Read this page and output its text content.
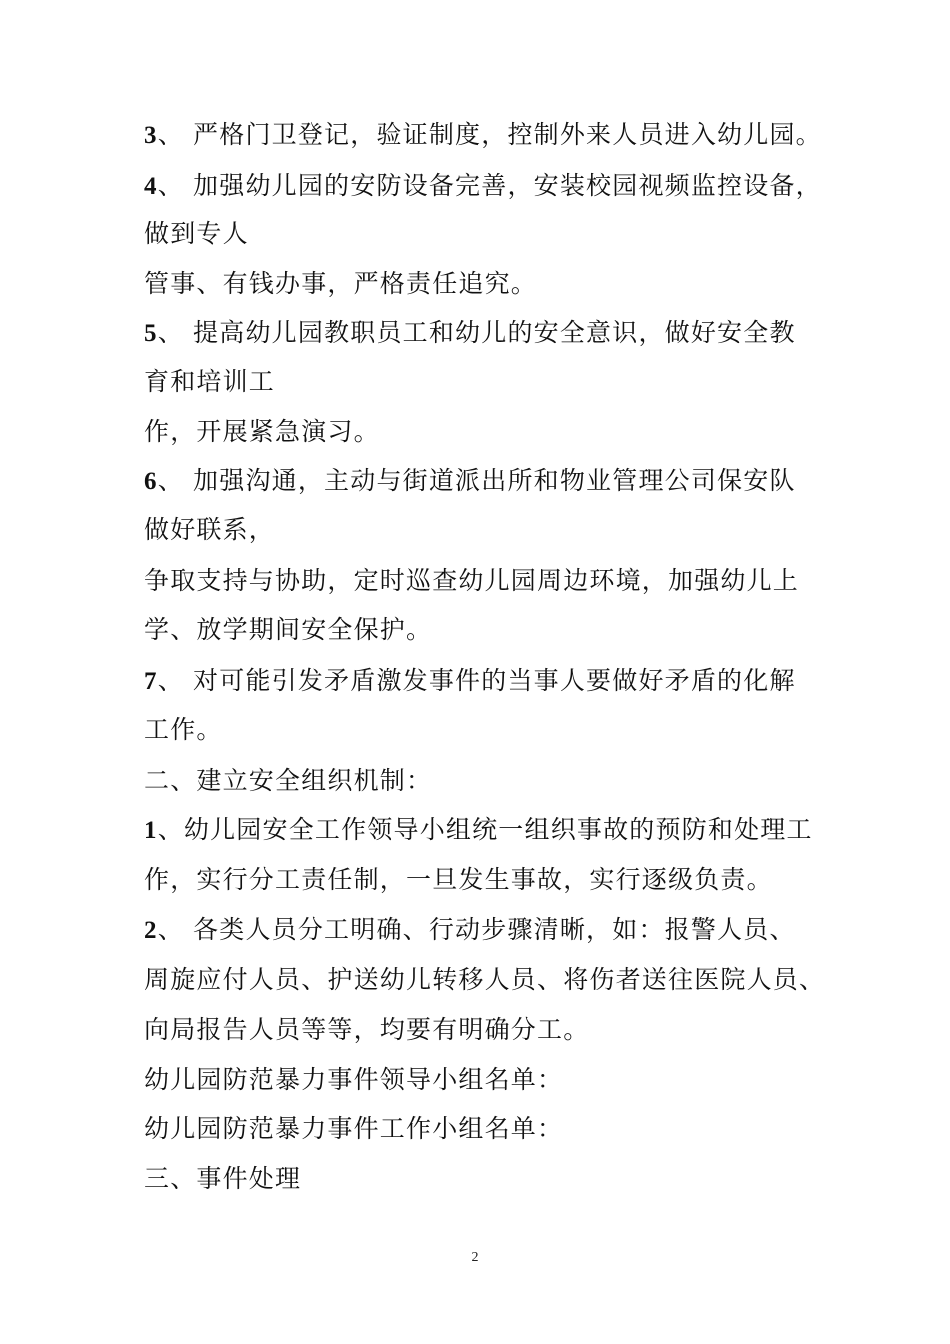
3、 严格门卫登记，验证制度，控制外来人员进入幼儿园。
4、 加强幼儿园的安防设备完善，安装校园视频监控设备，
做到专人
管事、有钱办事，严格责任追究。
5、 提高幼儿园教职员工和幼儿的安全意识，做好安全教
育和培训工
作，开展紧急演习。
6、 加强沟通，主动与街道派出所和物业管理公司保安队
做好联系，
争取支持与协助，定时巡查幼儿园周边环境，加强幼儿上
学、放学期间安全保护。
7、 对可能引发矛盾激发事件的当事人要做好矛盾的化解
工作。
二、建立安全组织机制：
1、幼儿园安全工作领导小组统一组织事故的预防和处理工
作，实行分工责任制，一旦发生事故，实行逐级负责。
2、 各类人员分工明确、行动步骤清晰，如：报警人员、
周旋应付人员、护送幼儿转移人员、将伤者送往医院人员、
向局报告人员等等，均要有明确分工。
幼儿园防范暴力事件领导小组名单：
幼儿园防范暴力事件工作小组名单：
三、事件处理
2
